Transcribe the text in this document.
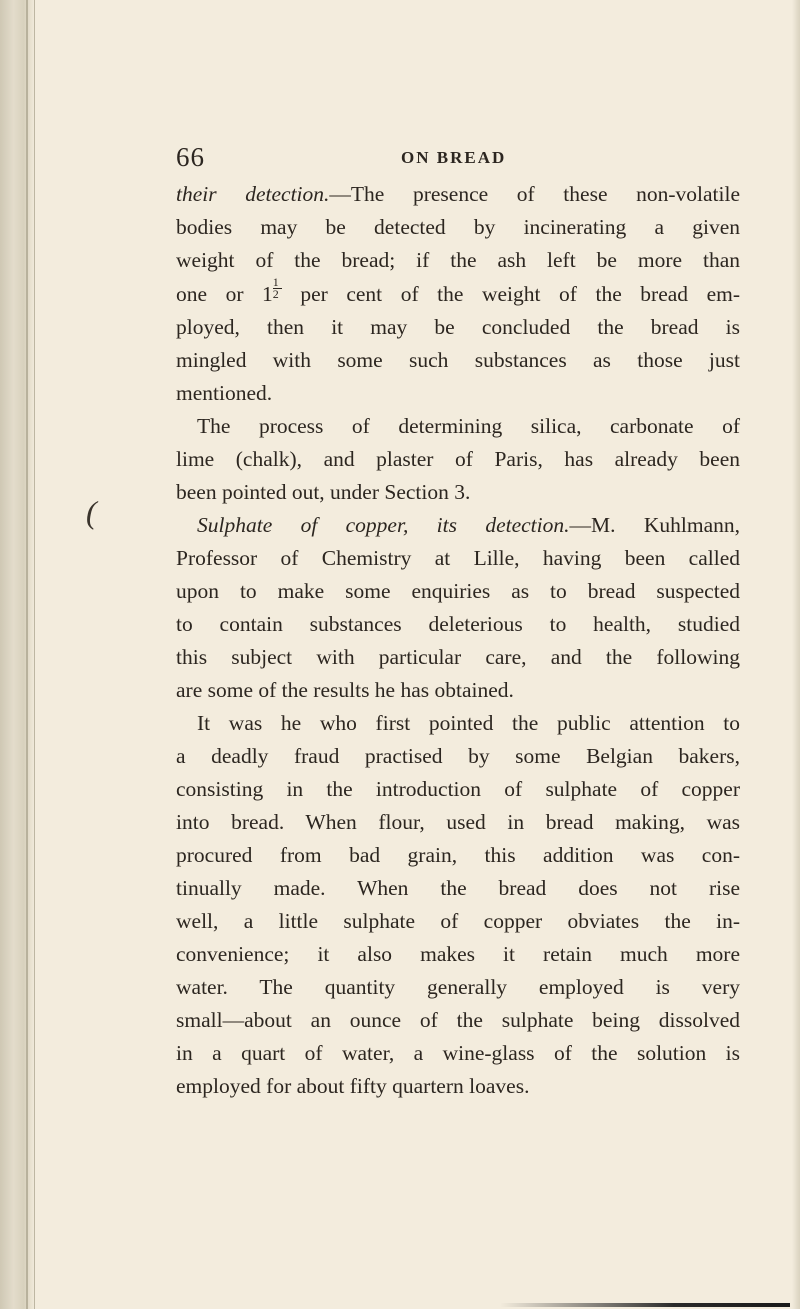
(
66	ON BREAD

their detection.—The presence of these non-volatile

bodies may be detected by incinerating a given

weight of the bread; if the ash left be more than

one or $1 \frac{1}{2}$ per cent of the weight of the bread em-

ployed, then it may be concluded the bread is

mingled with some such substances as those just

mentioned.

The process of determining silica, carbonate of

lime (chalk), and plaster of Paris, has already been

been pointed out, under Section 3.

Sulphate of copper, its detection.—M. Kuhlmann,

Professor of Chemistry at Lille, having been called

upon to make some enquiries as to bread suspected

to contain substances deleterious to health, studied

this subject with particular care, and the following

are some of the results he has obtained.

It was he who first pointed the public attention to

a deadly fraud practised by some Belgian bakers,

consisting in the introduction of sulphate of copper

into bread. When flour, used in bread making, was

procured from bad grain, this addition was con-

tinually made. When the bread does not rise

well, a little sulphate of copper obviates the in-

convenience; it also makes it retain much more

water. The quantity generally employed is very

small—about an ounce of the sulphate being dissolved

in a quart of water, a wine-glass of the solution is

employed for about fifty quartern loaves.
